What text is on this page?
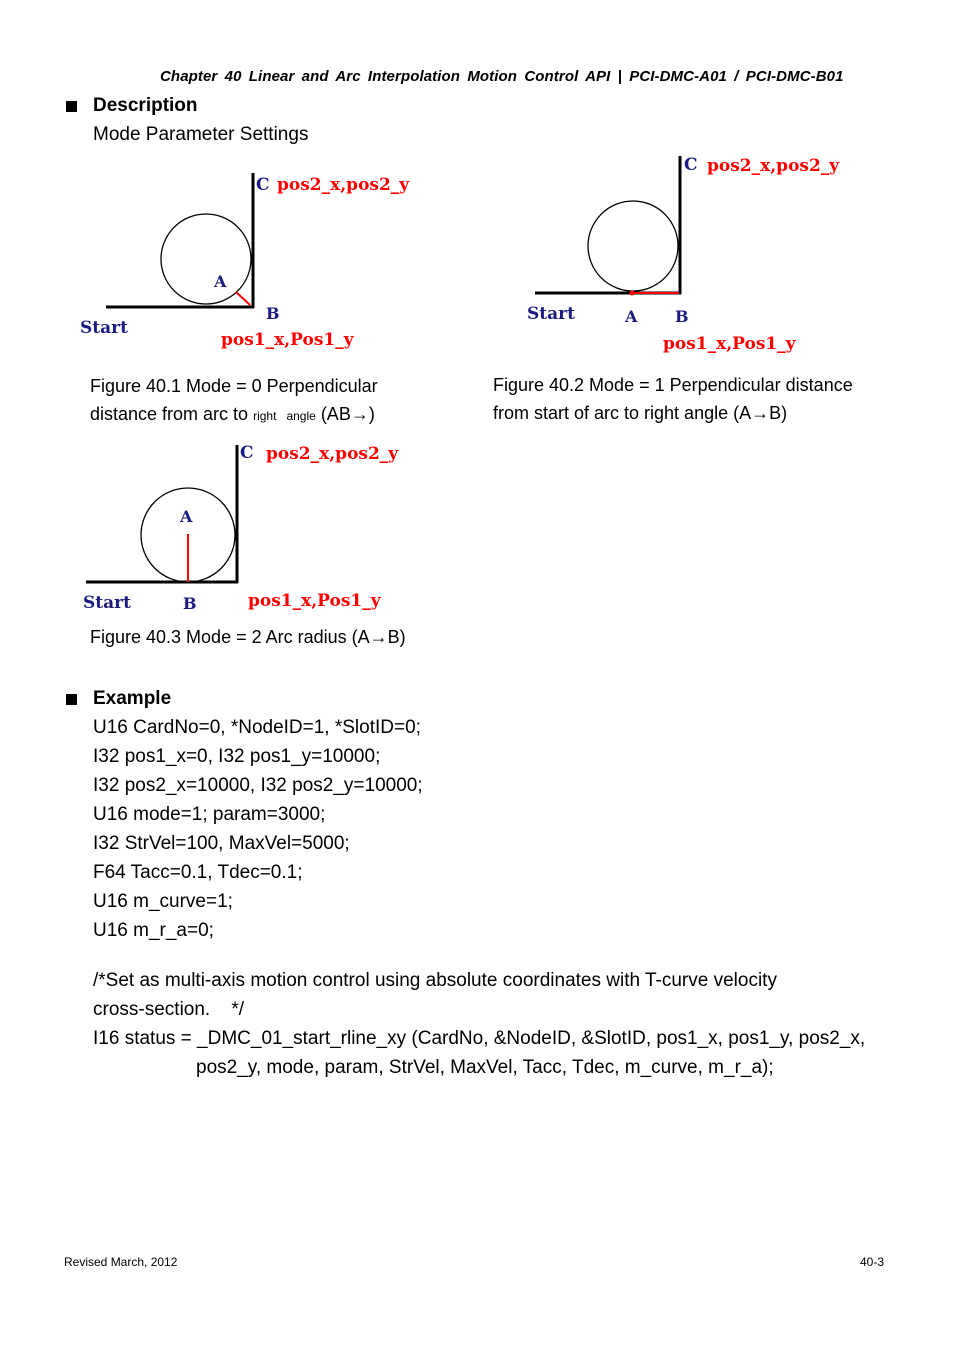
Chapter 40 Linear and Arc Interpolation Motion Control API | PCI-DMC-A01 / PCI-DMC-B01
Description
Mode Parameter Settings
Start
A
B
C pos2_x,pos2_y
pos1_x,Pos1_y
Figure 40.1 Mode = 0 Perpendicular
distance from arc to right angle (AB→)
Start	A B
C pos2_x,pos2_y
pos1_x,Pos1_y
Figure 40.2 Mode = 1 Perpendicular distance
from start of arc to right angle (A→B)
Start
A
B
C pos2_x,pos2_y
pos1_x,Pos1_y
Figure 40.3 Mode = 2 Arc radius (A→B)
Example
U16 CardNo=0, *NodeID=1, *SlotID=0;
I32 pos1_x=0, I32 pos1_y=10000;
I32 pos2_x=10000, I32 pos2_y=10000;
U16 mode=1; param=3000;
I32 StrVel=100, MaxVel=5000;
F64 Tacc=0.1, Tdec=0.1;
U16 m_curve=1;
U16 m_r_a=0;
/*Set as multi-axis motion control using absolute coordinates with T-curve velocity
cross-section.    */
I16 status = _DMC_01_start_rline_xy (CardNo, &NodeID, &SlotID, pos1_x, pos1_y, pos2_x,
pos2_y, mode, param, StrVel, MaxVel, Tacc, Tdec, m_curve, m_r_a);
Revised March, 2012	40-3
